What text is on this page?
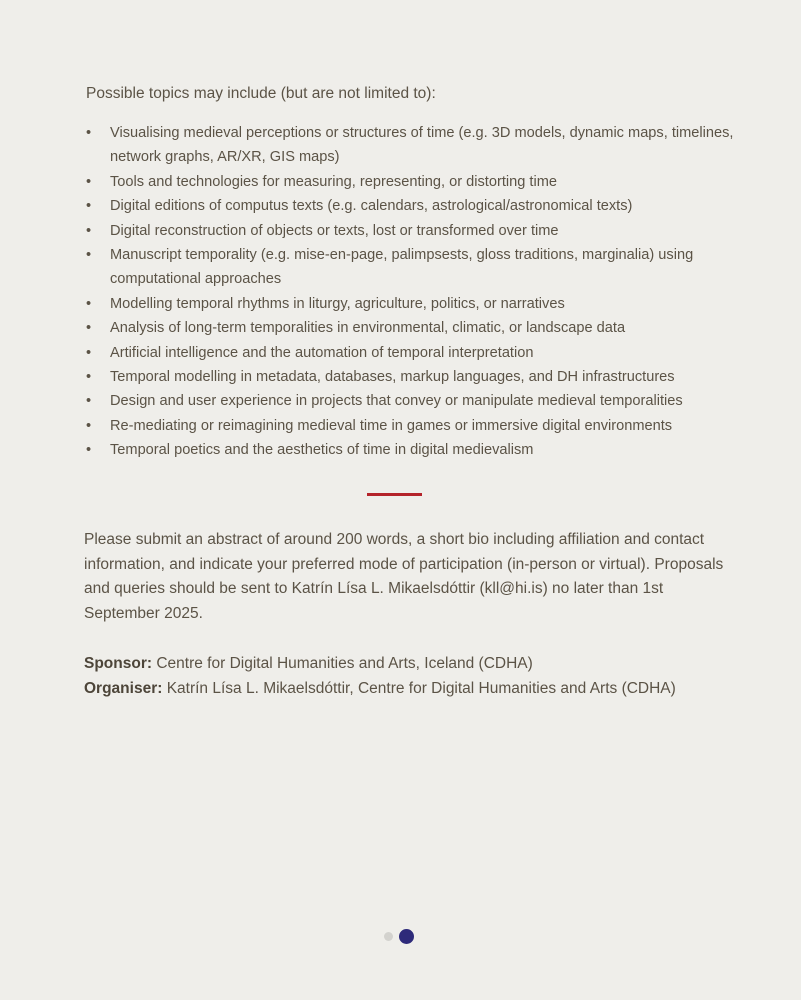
Possible topics may include (but are not limited to):

• Visualising medieval perceptions or structures of time (e.g. 3D models, dynamic maps, timelines, network graphs, AR/XR, GIS maps)
• Tools and technologies for measuring, representing, or distorting time
• Digital editions of computus texts (e.g. calendars, astrological/astronomical texts)
• Digital reconstruction of objects or texts, lost or transformed over time
• Manuscript temporality (e.g. mise-en-page, palimpsests, gloss traditions, marginalia) using computational approaches
• Modelling temporal rhythms in liturgy, agriculture, politics, or narratives
• Analysis of long-term temporalities in environmental, climatic, or landscape data
• Artificial intelligence and the automation of temporal interpretation
• Temporal modelling in metadata, databases, markup languages, and DH infrastructures
• Design and user experience in projects that convey or manipulate medieval temporalities
• Re-mediating or reimagining medieval time in games or immersive digital environments
• Temporal poetics and the aesthetics of time in digital medievalism

Please submit an abstract of around 200 words, a short bio including affiliation and contact information, and indicate your preferred mode of participation (in-person or virtual). Proposals and queries should be sent to Katrín Lísa L. Mikaelsdóttir (kll@hi.is) no later than 1st September 2025.

Sponsor: Centre for Digital Humanities and Arts, Iceland (CDHA)
Organiser: Katrín Lísa L. Mikaelsdóttir, Centre for Digital Humanities and Arts (CDHA)
